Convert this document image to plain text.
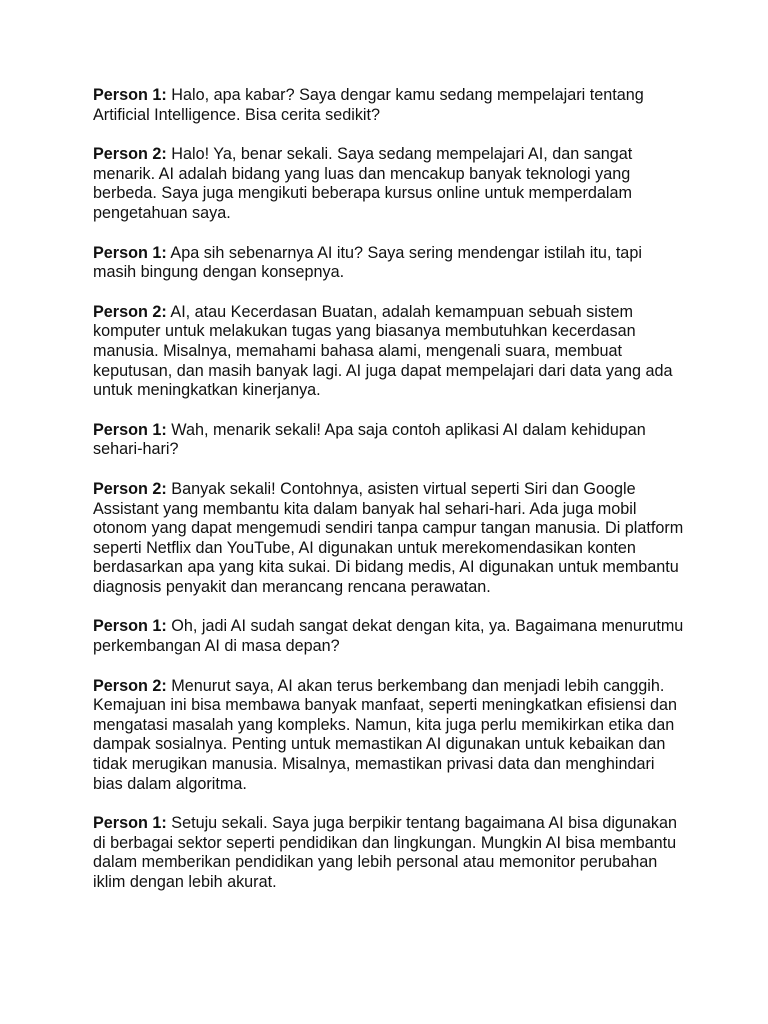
Person 1: Halo, apa kabar? Saya dengar kamu sedang mempelajari tentang Artificial Intelligence. Bisa cerita sedikit?

Person 2: Halo! Ya, benar sekali. Saya sedang mempelajari AI, dan sangat menarik. AI adalah bidang yang luas dan mencakup banyak teknologi yang berbeda. Saya juga mengikuti beberapa kursus online untuk memperdalam pengetahuan saya.

Person 1: Apa sih sebenarnya AI itu? Saya sering mendengar istilah itu, tapi masih bingung dengan konsepnya.

Person 2: AI, atau Kecerdasan Buatan, adalah kemampuan sebuah sistem komputer untuk melakukan tugas yang biasanya membutuhkan kecerdasan manusia. Misalnya, memahami bahasa alami, mengenali suara, membuat keputusan, dan masih banyak lagi. AI juga dapat mempelajari dari data yang ada untuk meningkatkan kinerjanya.

Person 1: Wah, menarik sekali! Apa saja contoh aplikasi AI dalam kehidupan sehari-hari?

Person 2: Banyak sekali! Contohnya, asisten virtual seperti Siri dan Google Assistant yang membantu kita dalam banyak hal sehari-hari. Ada juga mobil otonom yang dapat mengemudi sendiri tanpa campur tangan manusia. Di platform seperti Netflix dan YouTube, AI digunakan untuk merekomendasikan konten berdasarkan apa yang kita sukai. Di bidang medis, AI digunakan untuk membantu diagnosis penyakit dan merancang rencana perawatan.

Person 1: Oh, jadi AI sudah sangat dekat dengan kita, ya. Bagaimana menurutmu perkembangan AI di masa depan?

Person 2: Menurut saya, AI akan terus berkembang dan menjadi lebih canggih. Kemajuan ini bisa membawa banyak manfaat, seperti meningkatkan efisiensi dan mengatasi masalah yang kompleks. Namun, kita juga perlu memikirkan etika dan dampak sosialnya. Penting untuk memastikan AI digunakan untuk kebaikan dan tidak merugikan manusia. Misalnya, memastikan privasi data dan menghindari bias dalam algoritma.

Person 1: Setuju sekali. Saya juga berpikir tentang bagaimana AI bisa digunakan di berbagai sektor seperti pendidikan dan lingkungan. Mungkin AI bisa membantu dalam memberikan pendidikan yang lebih personal atau memonitor perubahan iklim dengan lebih akurat.
